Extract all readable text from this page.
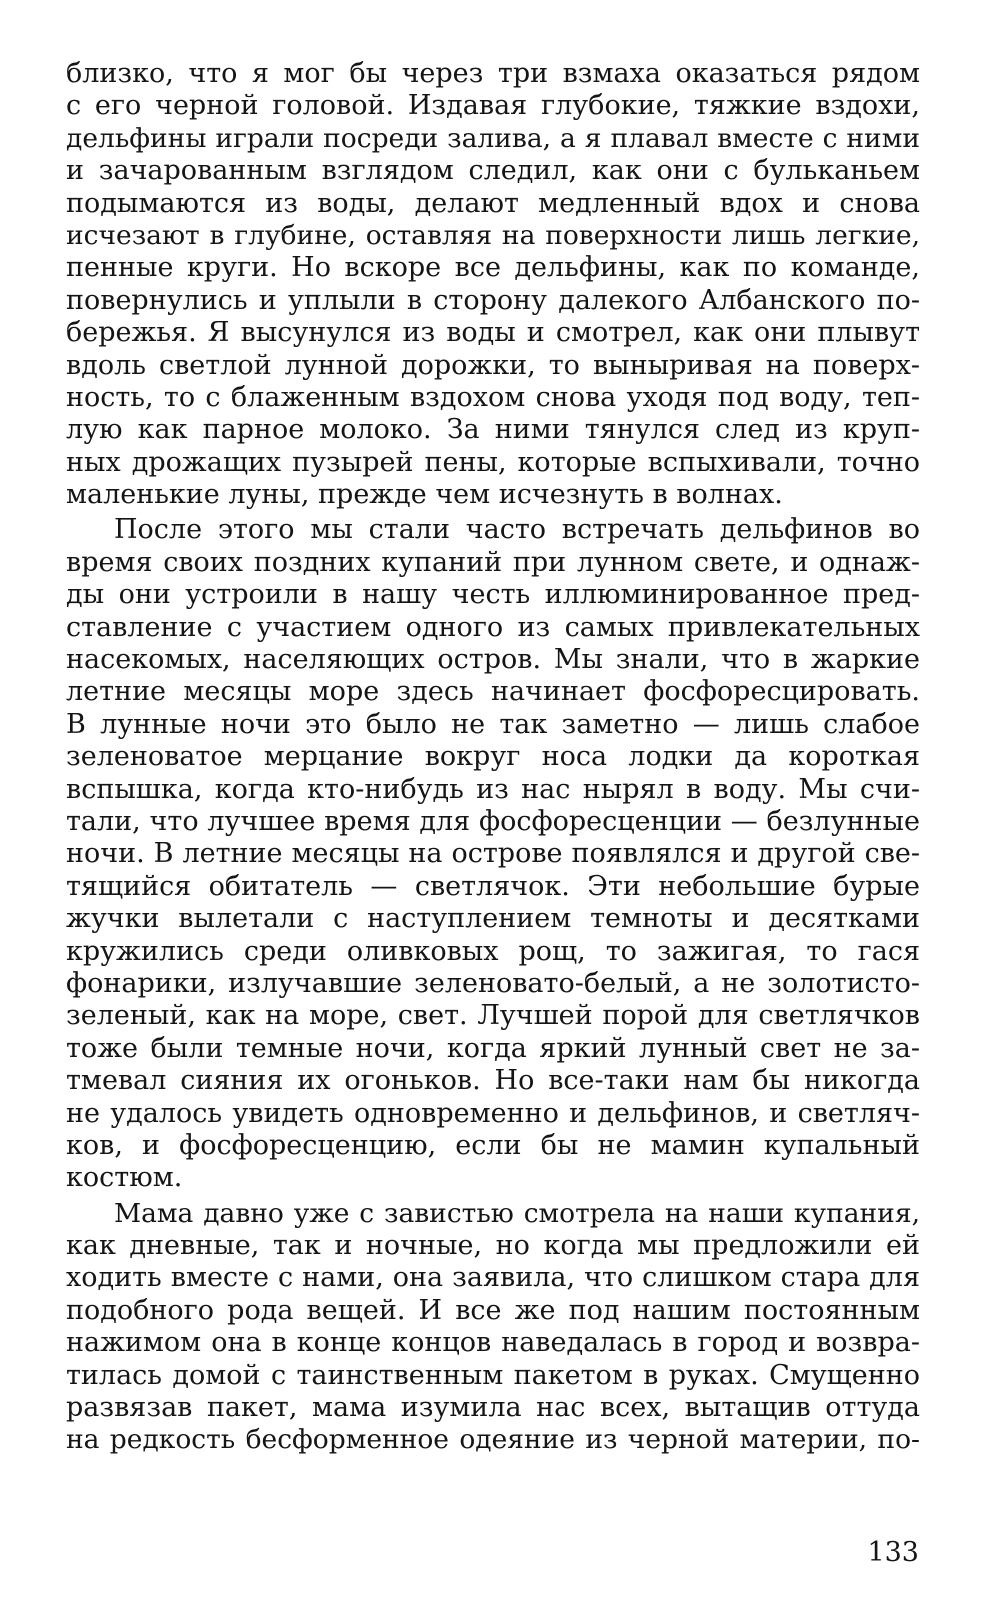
близко, что я мог бы через три взмаха оказаться рядом
с его черной головой. Издавая глубокие, тяжкие вздохи,
дельфины играли посреди залива, а я плавал вместе с ними
и зачарованным взглядом следил, как они с бульканьем
подымаются из воды, делают медленный вдох и снова
исчезают в глубине, оставляя на поверхности лишь легкие,
пенные круги. Но вскоре все дельфины, как по команде,
повернулись и уплыли в сторону далекого Албанского по-
бережья. Я высунулся из воды и смотрел, как они плывут
вдоль светлой лунной дорожки, то выныривая на поверх-
ность, то с блаженным вздохом снова уходя под воду, теп-
лую как парное молоко. За ними тянулся след из круп-
ных дрожащих пузырей пены, которые вспыхивали, точно
маленькие луны, прежде чем исчезнуть в волнах.
После этого мы стали часто встречать дельфинов во
время своих поздних купаний при лунном свете, и однаж-
ды они устроили в нашу честь иллюминированное пред-
ставление с участием одного из самых привлекательных
насекомых, населяющих остров. Мы знали, что в жаркие
летние месяцы море здесь начинает фосфоресцировать.
В лунные ночи это было не так заметно — лишь слабое
зеленоватое мерцание вокруг носа лодки да короткая
вспышка, когда кто-нибудь из нас нырял в воду. Мы счи-
тали, что лучшее время для фосфоресценции — безлунные
ночи. В летние месяцы на острове появлялся и другой све-
тящийся обитатель — светлячок. Эти небольшие бурые
жучки вылетали с наступлением темноты и десятками
кружились среди оливковых рощ, то зажигая, то гася
фонарики, излучавшие зеленовато-белый, а не золотисто-
зеленый, как на море, свет. Лучшей порой для светлячков
тоже были темные ночи, когда яркий лунный свет не за-
тмевал сияния их огоньков. Но все-таки нам бы никогда
не удалось увидеть одновременно и дельфинов, и светляч-
ков, и фосфоресценцию, если бы не мамин купальный
костюм.
Мама давно уже с завистью смотрела на наши купания,
как дневные, так и ночные, но когда мы предложили ей
ходить вместе с нами, она заявила, что слишком стара для
подобного рода вещей. И все же под нашим постоянным
нажимом она в конце концов наведалась в город и возвра-
тилась домой с таинственным пакетом в руках. Смущенно
развязав пакет, мама изумила нас всех, вытащив оттуда
на редкость бесформенное одеяние из черной материи, по-
133
